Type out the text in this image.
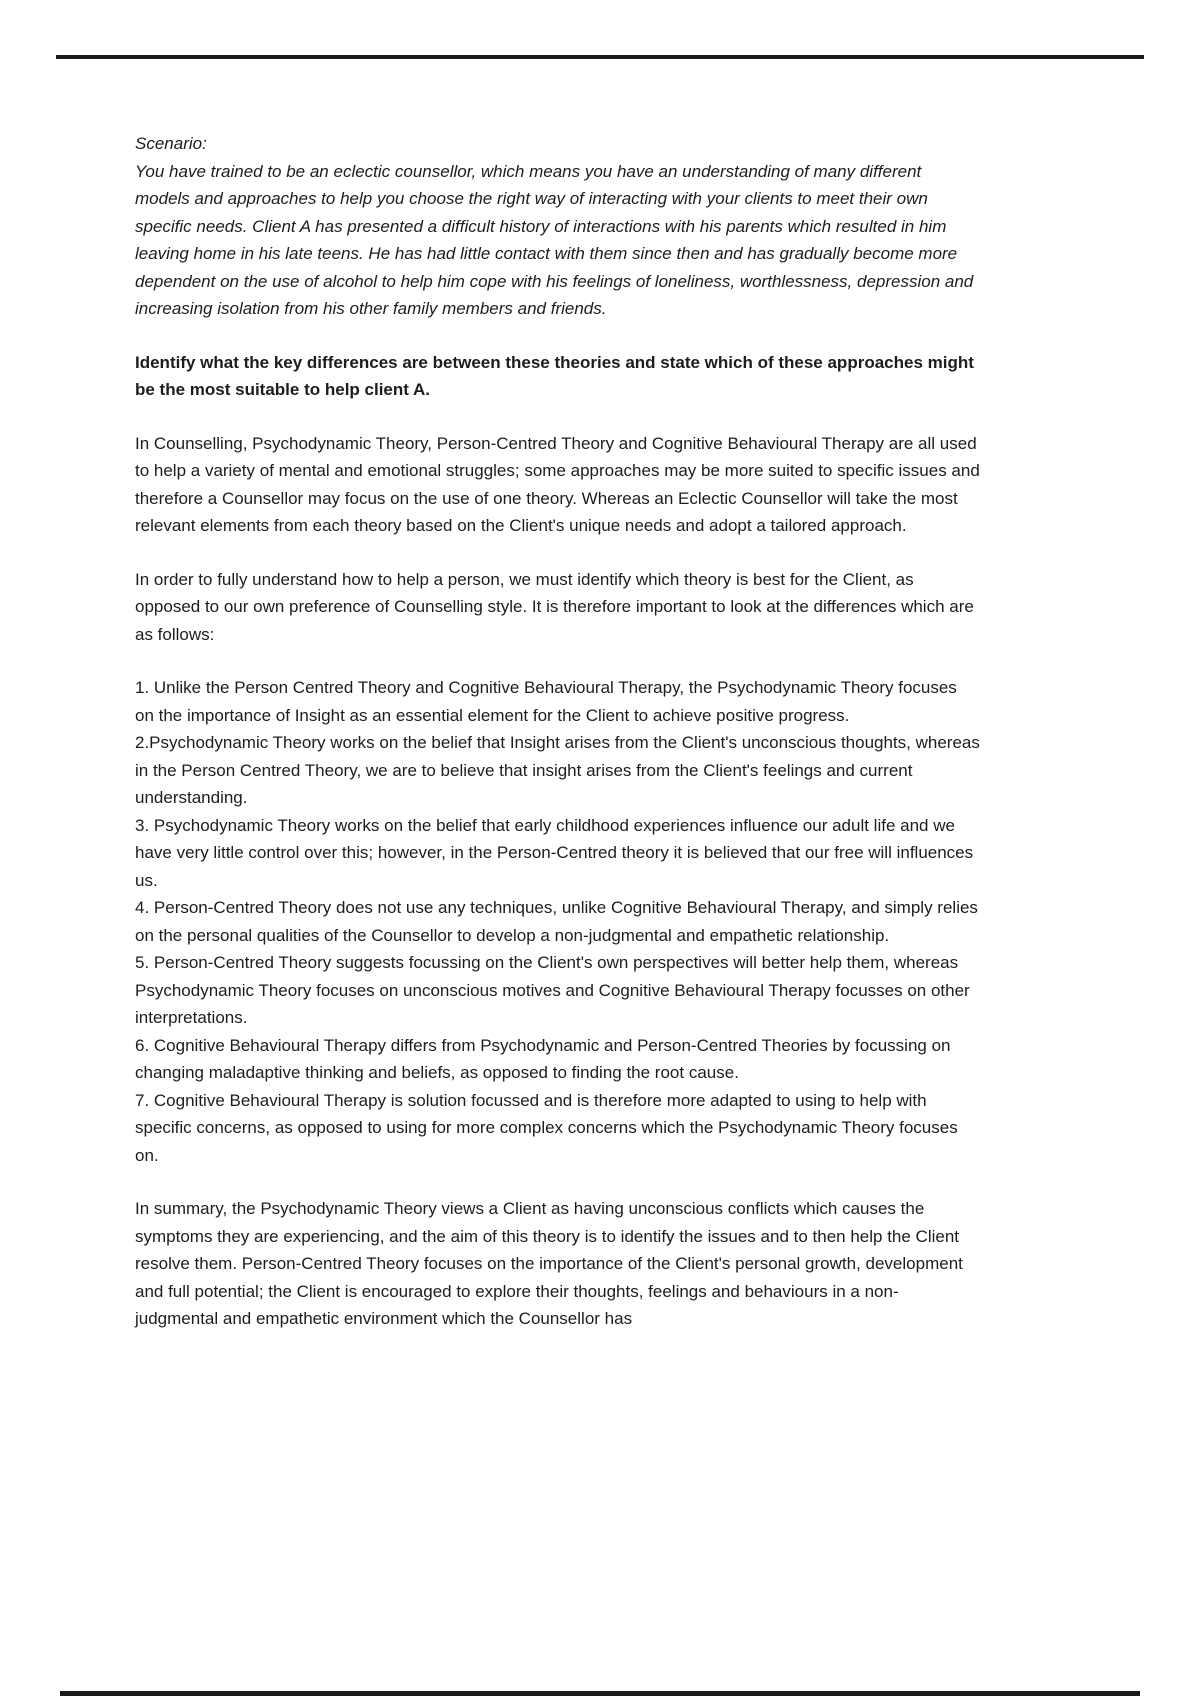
Scenario:
You have trained to be an eclectic counsellor, which means you have an understanding of many different models and approaches to help you choose the right way of interacting with your clients to meet their own specific needs. Client A has presented a difficult history of interactions with his parents which resulted in him leaving home in his late teens. He has had little contact with them since then and has gradually become more dependent on the use of alcohol to help him cope with his feelings of loneliness, worthlessness, depression and increasing isolation from his other family members and friends.

Identify what the key differences are between these theories and state which of these approaches might be the most suitable to help client A.

In Counselling, Psychodynamic Theory, Person-Centred Theory and Cognitive Behavioural Therapy are all used to help a variety of mental and emotional struggles; some approaches may be more suited to specific issues and therefore a Counsellor may focus on the use of one theory. Whereas an Eclectic Counsellor will take the most relevant elements from each theory based on the Client's unique needs and adopt a tailored approach.

In order to fully understand how to help a person, we must identify which theory is best for the Client, as opposed to our own preference of Counselling style. It is therefore important to look at the differences which are as follows:

1. Unlike the Person Centred Theory and Cognitive Behavioural Therapy, the Psychodynamic Theory focuses on the importance of Insight as an essential element for the Client to achieve positive progress.
2.Psychodynamic Theory works on the belief that Insight arises from the Client's unconscious thoughts, whereas in the Person Centred Theory, we are to believe that insight arises from the Client's feelings and current understanding.
3. Psychodynamic Theory works on the belief that early childhood experiences influence our adult life and we have very little control over this; however, in the Person-Centred theory it is believed that our free will influences us.
4. Person-Centred Theory does not use any techniques, unlike Cognitive Behavioural Therapy, and simply relies on the personal qualities of the Counsellor to develop a non-judgmental and empathetic relationship.
5. Person-Centred Theory suggests focussing on the Client's own perspectives will better help them, whereas Psychodynamic Theory focuses on unconscious motives and Cognitive Behavioural Therapy focusses on other interpretations.
6. Cognitive Behavioural Therapy differs from Psychodynamic and Person-Centred Theories by focussing on changing maladaptive thinking and beliefs, as opposed to finding the root cause.
7. Cognitive Behavioural Therapy is solution focussed and is therefore more adapted to using to help with specific concerns, as opposed to using for more complex concerns which the Psychodynamic Theory focuses on.

In summary, the Psychodynamic Theory views a Client as having unconscious conflicts which causes the symptoms they are experiencing, and the aim of this theory is to identify the issues and to then help the Client resolve them. Person-Centred Theory focuses on the importance of the Client's personal growth, development and full potential; the Client is encouraged to explore their thoughts, feelings and behaviours in a non-judgmental and empathetic environment which the Counsellor has
